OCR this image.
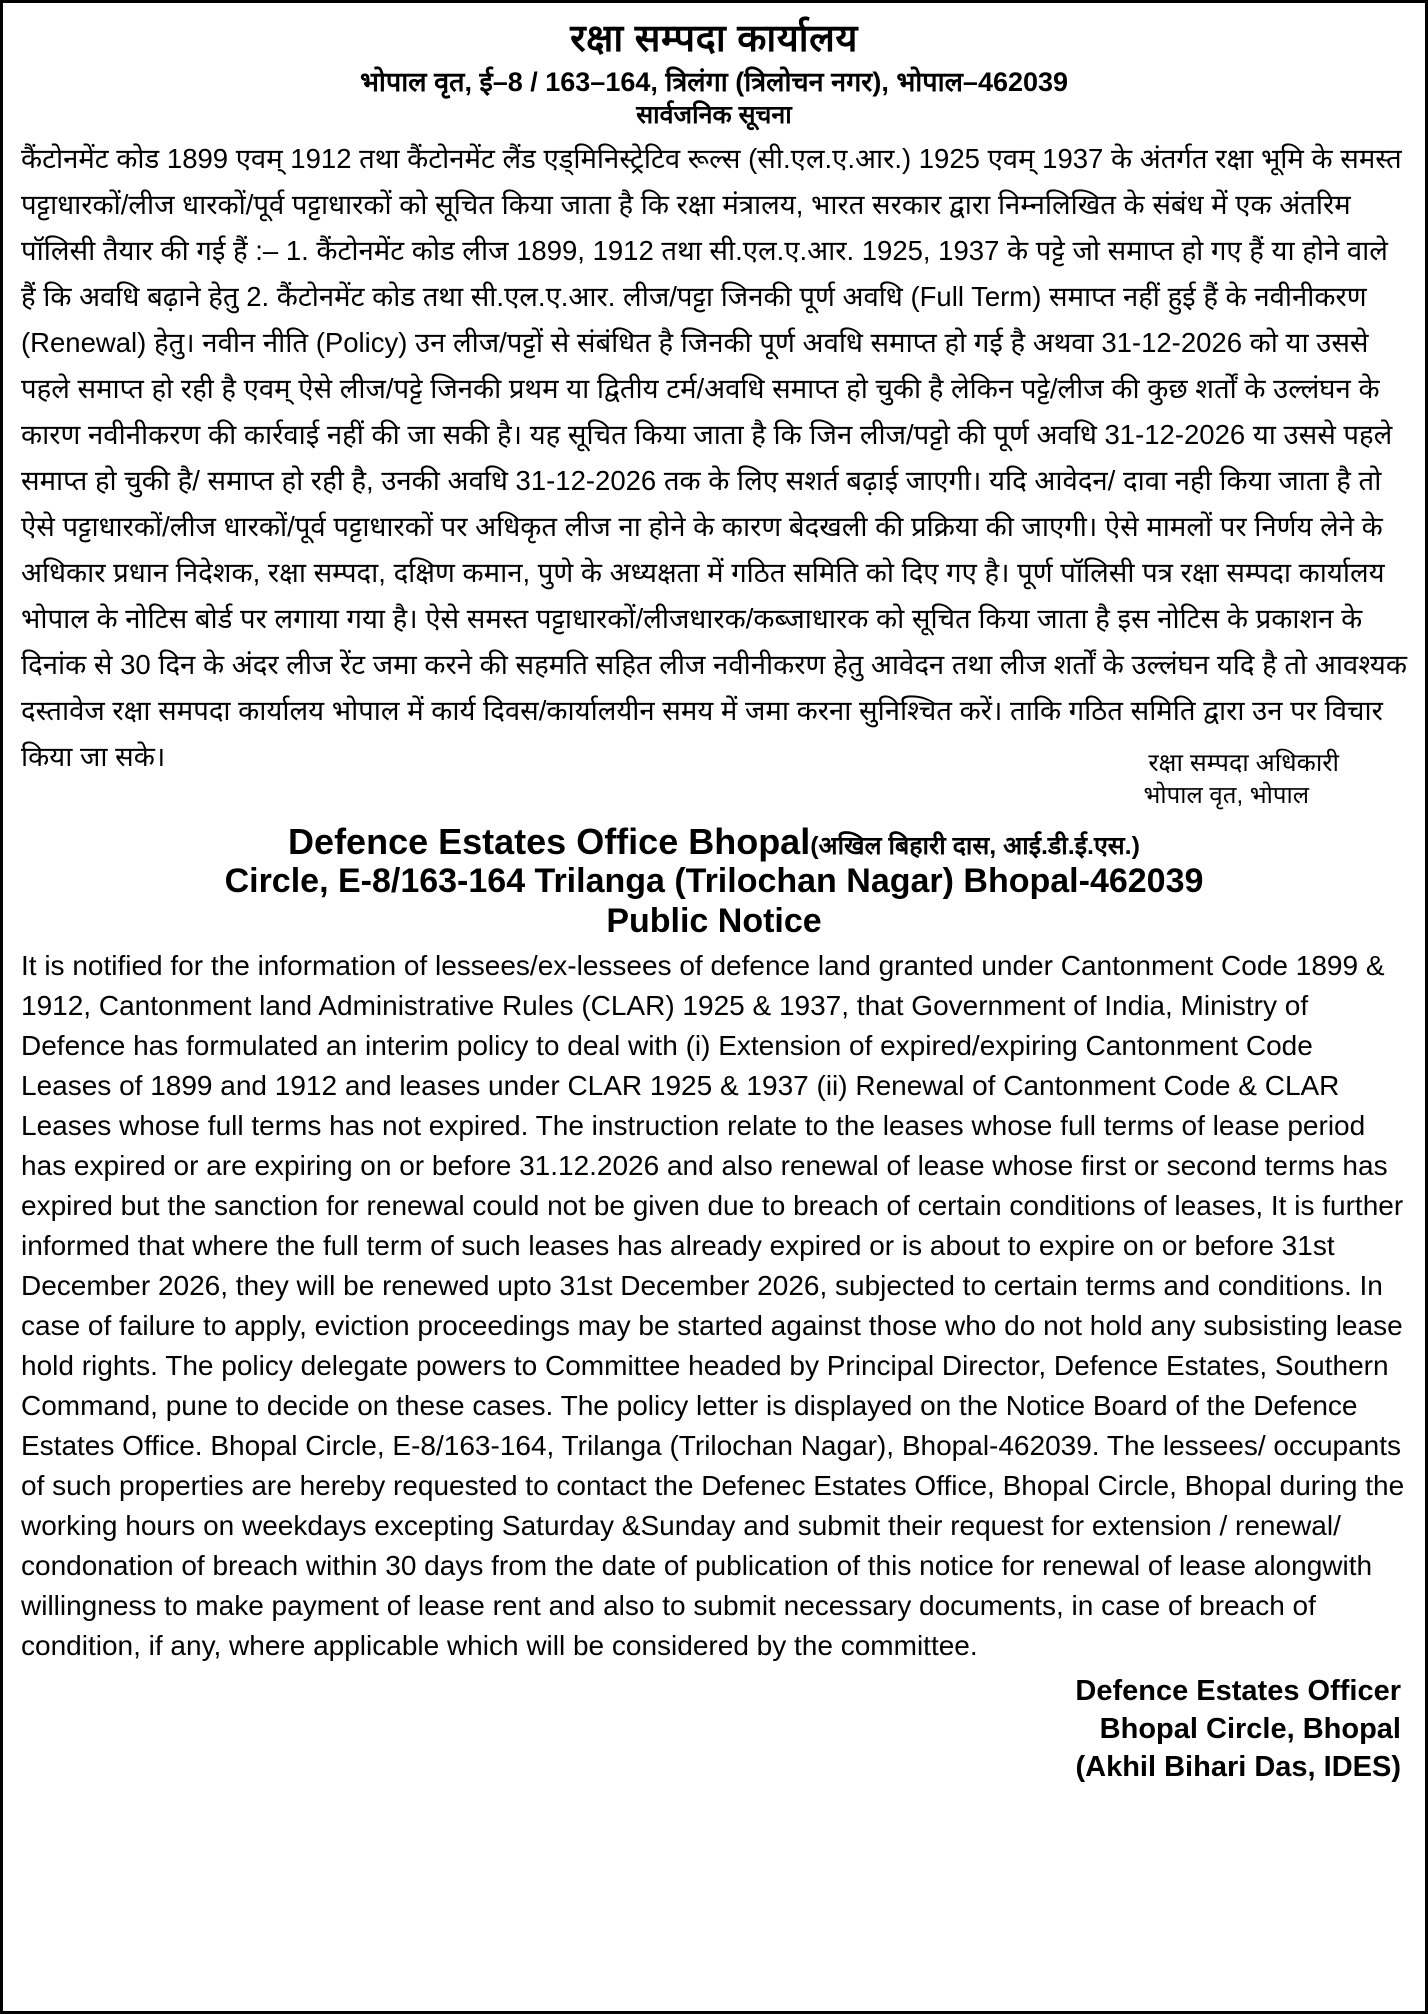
रक्षा सम्पदा कार्यालय
भोपाल वृत, ई–8 / 163–164, त्रिलंगा (त्रिलोचन नगर), भोपाल–462039
सार्वजनिक सूचना
कैंटोनमेंट कोड 1899 एवम् 1912 तथा कैंटोनमेंट लैंड एड्मिनिस्ट्रेटिव रूल्स (सी.एल.ए.आर.) 1925 एवम् 1937 के अंतर्गत रक्षा भूमि के समस्त पट्टाधारकों/लीज धारकों/पूर्व पट्टाधारकों को सूचित किया जाता है कि रक्षा मंत्रालय, भारत सरकार द्वारा निम्नलिखित के संबंध में एक अंतरिम पॉलिसी तैयार की गई हैं :– 1. कैंटोनमेंट कोड लीज 1899, 1912 तथा सी.एल.ए.आर. 1925, 1937 के पट्टे जो समाप्त हो गए हैं या होने वाले हैं कि अवधि बढ़ाने हेतु 2. कैंटोनमेंट कोड तथा सी.एल.ए.आर. लीज/पट्टा जिनकी पूर्ण अवधि (Full Term) समाप्त नहीं हुई हैं के नवीनीकरण (Renewal) हेतु। नवीन नीति (Policy) उन लीज/पट्टों से संबंधित है जिनकी पूर्ण अवधि समाप्त हो गई है अथवा 31-12-2026 को या उससे पहले समाप्त हो रही है एवम् ऐसे लीज/पट्टे जिनकी प्रथम या द्वितीय टर्म/अवधि समाप्त हो चुकी है लेकिन पट्टे/लीज की कुछ शर्तों के उल्लंघन के कारण नवीनीकरण की कार्रवाई नहीं की जा सकी है। यह सूचित किया जाता है कि जिन लीज/पट्टो की पूर्ण अवधि 31-12-2026 या उससे पहले समाप्त हो चुकी है/ समाप्त हो रही है, उनकी अवधि 31-12-2026 तक के लिए सशर्त बढ़ाई जाएगी। यदि आवेदन/ दावा नही किया जाता है तो ऐसे पट्टाधारकों/लीज धारकों/पूर्व पट्टाधारकों पर अधिकृत लीज ना होने के कारण बेदखली की प्रक्रिया की जाएगी। ऐसे मामलों पर निर्णय लेने के अधिकार प्रधान निदेशक, रक्षा सम्पदा, दक्षिण कमान, पुणे के अध्यक्षता में गठित समिति को दिए गए है। पूर्ण पॉलिसी पत्र रक्षा सम्पदा कार्यालय भोपाल के नोटिस बोर्ड पर लगाया गया है। ऐसे समस्त पट्टाधारकों/लीजधारक/कब्जाधारक को सूचित किया जाता है इस नोटिस के प्रकाशन के दिनांक से 30 दिन के अंदर लीज रेंट जमा करने की सहमति सहित लीज नवीनीकरण हेतु आवेदन तथा लीज शर्तों के उल्लंघन यदि है तो आवश्यक दस्तावेज रक्षा समपदा कार्यालय भोपाल में कार्य दिवस/कार्यालयीन समय में जमा करना सुनिश्चित करें। ताकि गठित समिति द्वारा उन पर विचार किया जा सके।	रक्षा सम्पदा अधिकारी
भोपाल वृत, भोपाल
Defence Estates Office Bhopal(अखिल बिहारी दास, आई.डी.ई.एस.)
Circle, E-8/163-164 Trilanga (Trilochan Nagar) Bhopal-462039
Public Notice
It is notified for the information of lessees/ex-lessees of defence land granted under Cantonment Code 1899 & 1912, Cantonment land Administrative Rules (CLAR) 1925 & 1937, that Government of India, Ministry of Defence has formulated an interim policy to deal with (i) Extension of expired/expiring Cantonment Code Leases of 1899 and 1912 and leases under CLAR 1925 & 1937 (ii) Renewal of Cantonment Code & CLAR Leases whose full terms has not expired. The instruction relate to the leases whose full terms of lease period has expired or are expiring on or before 31.12.2026 and also renewal of lease whose first or second terms has expired but the sanction for renewal could not be given due to breach of certain conditions of leases, It is further informed that where the full term of such leases has already expired or is about to expire on or before 31st December 2026, they will be renewed upto 31st December 2026, subjected to certain terms and conditions. In case of failure to apply, eviction proceedings may be started against those who do not hold any subsisting lease hold rights. The policy delegate powers to Committee headed by Principal Director, Defence Estates, Southern Command, pune to decide on these cases. The policy letter is displayed on the Notice Board of the Defence Estates Office. Bhopal Circle, E-8/163-164, Trilanga (Trilochan Nagar), Bhopal-462039. The lessees/ occupants of such properties are hereby requested to contact the Defenec Estates Office, Bhopal Circle, Bhopal during the working hours on weekdays excepting Saturday &Sunday and submit their request for extension / renewal/ condonation of breach within 30 days from the date of publication of this notice for renewal of lease alongwith willingness to make payment of lease rent and also to submit necessary documents, in case of breach of condition, if any, where applicable which will be considered by the committee.
Defence Estates Officer
Bhopal Circle, Bhopal
(Akhil Bihari Das, IDES)
